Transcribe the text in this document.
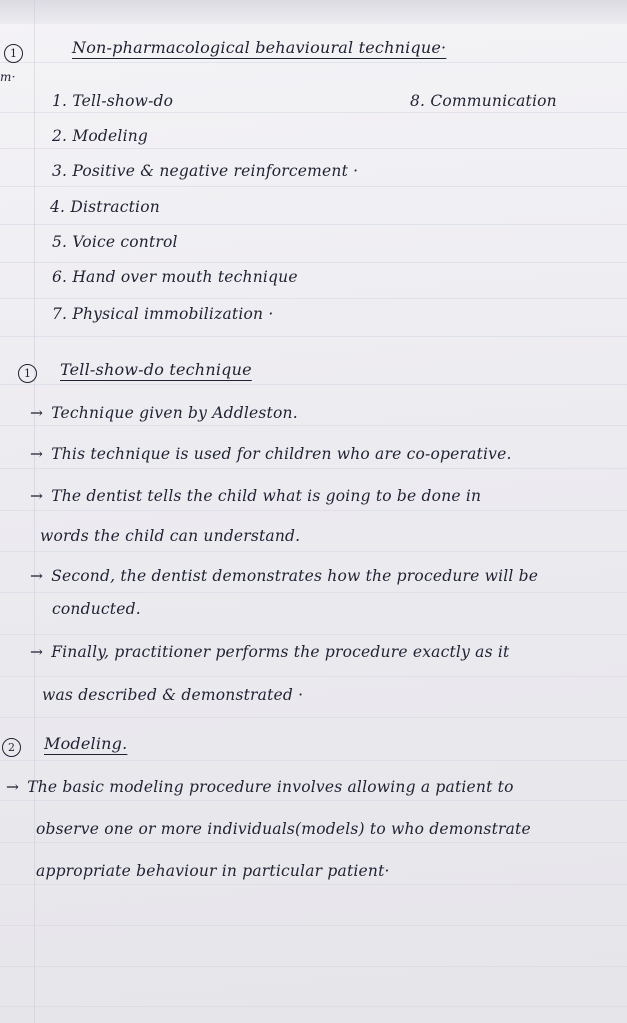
1
m·
Non-pharmacological behavioural technique·
1. Tell-show-do
2. Modeling
3. Positive & negative reinforcement ·
4. Distraction
5. Voice control
6. Hand over mouth technique
7. Physical immobilization ·
8. Communication
1	Tell-show-do technique
→ Technique given by Addleston.
→ This technique is used for children who are co-operative.
→ The dentist tells the child what is going to be done in
words the child can understand.
→ Second, the dentist demonstrates how the procedure will be
conducted.
→ Finally, practitioner performs the procedure exactly as it
was described & demonstrated ·
2	Modeling.
→ The basic modeling procedure involves allowing a patient to
observe one or more individuals(models) to who demonstrate
appropriate behaviour in particular patient·
